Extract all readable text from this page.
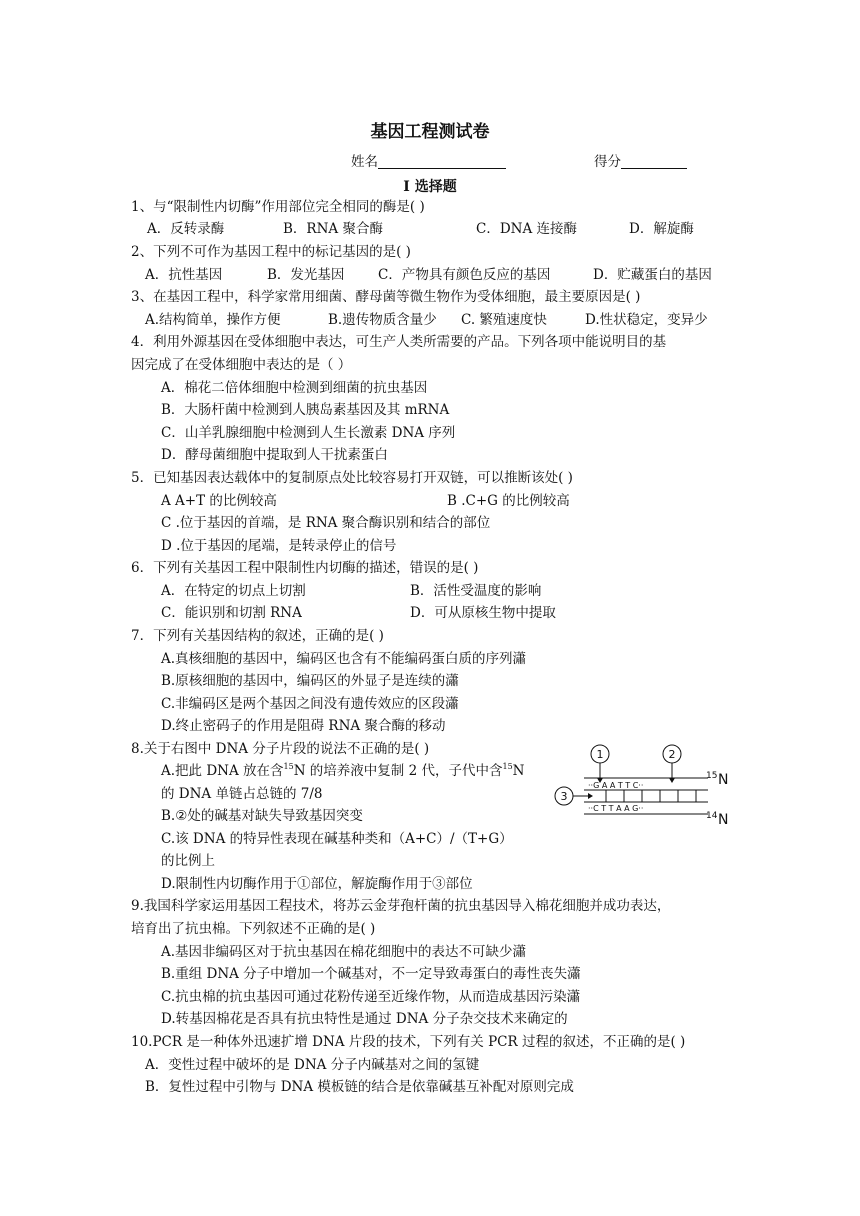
基因工程测试卷
姓名	得分
Ⅰ 选择题
1、与“限制性内切酶”作用部位完全相同的酶是( )
A．反转录酶	B．RNA 聚合酶	C．DNA 连接酶	D．解旋酶
2、下列不可作为基因工程中的标记基因的是( )
A．抗性基因	B．发光基因 C．产物具有颜色反应的基因	D．贮藏蛋白的基因
3、在基因工程中，科学家常用细菌、酵母菌等微生物作为受体细胞，最主要原因是( )
A.结构简单，操作方便	B.遗传物质含量少 C. 繁殖速度快	D.性状稳定，变异少
4．利用外源基因在受体细胞中表达，可生产人类所需要的产品。下列各项中能说明目的基
因完成了在受体细胞中表达的是（ ）
A．棉花二倍体细胞中检测到细菌的抗虫基因
B．大肠杆菌中检测到人胰岛素基因及其 mRNA
C．山羊乳腺细胞中检测到人生长激素 DNA 序列
D．酵母菌细胞中提取到人干扰素蛋白
5．已知基因表达载体中的复制原点处比较容易打开双链，可以推断该处( )
A A+T 的比例较高	B .C+G 的比例较高
C .位于基因的首端，是 RNA 聚合酶识别和结合的部位
D .位于基因的尾端，是转录停止的信号
6．下列有关基因工程中限制性内切酶的描述，错误的是( )
A．在特定的切点上切割	B．活性受温度的影响
C．能识别和切割 RNA	D．可从原核生物中提取
7．下列有关基因结构的叙述，正确的是( )
A.真核细胞的基因中，编码区也含有不能编码蛋白质的序列瀟
B.原核细胞的基因中，编码区的外显子是连续的瀟
C.非编码区是两个基因之间没有遗传效应的区段瀟
D.终止密码子的作用是阻碍 RNA 聚合酶的移动
8.关于右图中 DNA 分子片段的说法不正确的是( )
A.把此 DNA 放在含$^{15}$N 的培养液中复制 2 代，子代中含$^{15}$N
的 DNA 单链占总链的 7/8
B.②处的碱基对缺失导致基因突变
C.该 DNA 的特异性表现在碱基种类和（A+C）/（T+G）
的比例上
D.限制性内切酶作用于①部位，解旋酶作用于③部位
1	2
3
··G A A T T C··
··C T T A A G··
15 N
14 N
9.我国科学家运用基因工程技术，将苏云金芽孢杆菌的抗虫基因导入棉花细胞并成功表达，
培育出了抗虫棉。下列叙述不正确的是( )
A.基因非编码区对于抗虫基因在棉花细胞中的表达不可缺少瀟
B.重组 DNA 分子中增加一个碱基对，不一定导致毒蛋白的毒性丧失瀟
C.抗虫棉的抗虫基因可通过花粉传递至近缘作物，从而造成基因污染瀟
D.转基因棉花是否具有抗虫特性是通过 DNA 分子杂交技术来确定的
10.PCR 是一种体外迅速扩增 DNA 片段的技术，下列有关 PCR 过程的叙述，不正确的是( )
A．变性过程中破坏的是 DNA 分子内碱基对之间的氢键
B．复性过程中引物与 DNA 模板链的结合是依靠碱基互补配对原则完成
